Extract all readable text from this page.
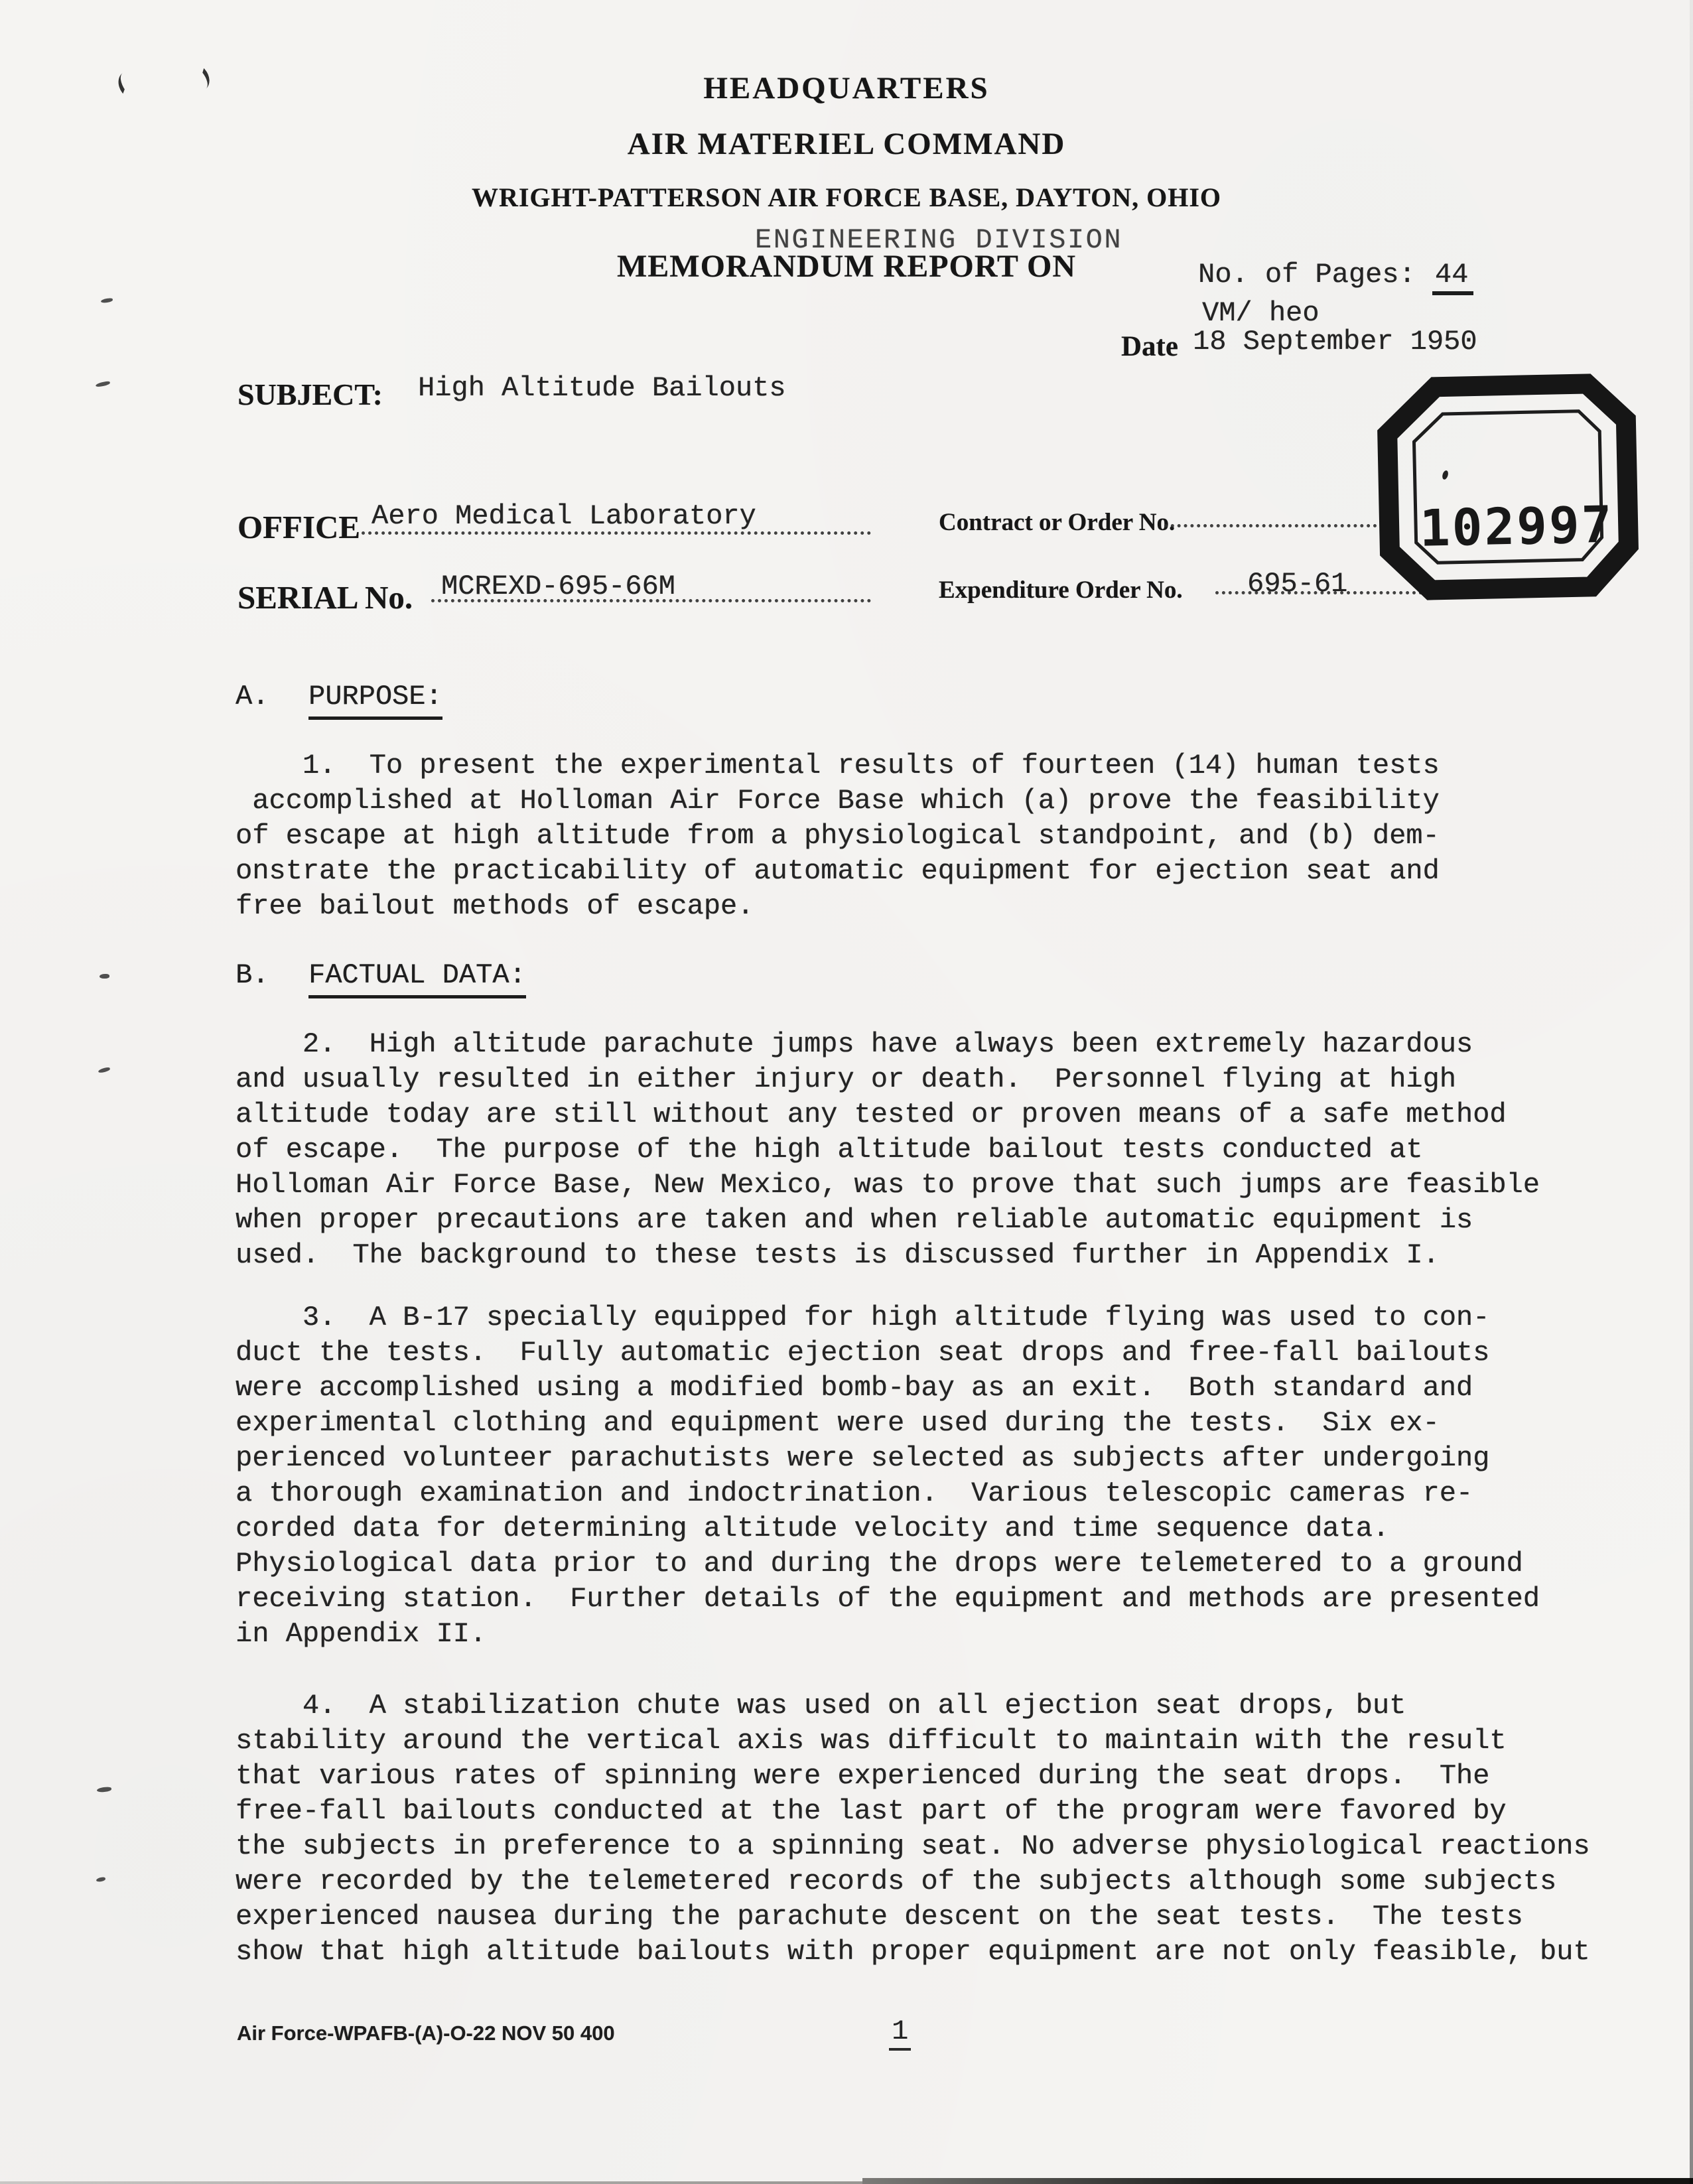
HEADQUARTERS
AIR MATERIEL COMMAND
WRIGHT-PATTERSON AIR FORCE BASE, DAYTON, OHIO
ENGINEERING DIVISION
MEMORANDUM REPORT ON	No. of Pages: 44
VM/ heo
Date 18 September 1950
SUBJECT: High Altitude Bailouts
OFFICE Aero Medical Laboratory	Contract or Order No.
SERIAL No. MCREXD-695-66M	Expenditure Order No. 695-61
102997
A. PURPOSE:
1.  To present the experimental results of fourteen (14) human tests
accomplished at Holloman Air Force Base which (a) prove the feasibility
of escape at high altitude from a physiological standpoint, and (b) dem-
onstrate the practicability of automatic equipment for ejection seat and
free bailout methods of escape.
B. FACTUAL DATA:
2.  High altitude parachute jumps have always been extremely hazardous
and usually resulted in either injury or death.  Personnel flying at high
altitude today are still without any tested or proven means of a safe method
of escape.  The purpose of the high altitude bailout tests conducted at
Holloman Air Force Base, New Mexico, was to prove that such jumps are feasible
when proper precautions are taken and when reliable automatic equipment is
used.  The background to these tests is discussed further in Appendix I.
3.  A B-17 specially equipped for high altitude flying was used to con-
duct the tests.  Fully automatic ejection seat drops and free-fall bailouts
were accomplished using a modified bomb-bay as an exit.  Both standard and
experimental clothing and equipment were used during the tests.  Six ex-
perienced volunteer parachutists were selected as subjects after undergoing
a thorough examination and indoctrination.  Various telescopic cameras re-
corded data for determining altitude velocity and time sequence data.
Physiological data prior to and during the drops were telemetered to a ground
receiving station.  Further details of the equipment and methods are presented
in Appendix II.
4.  A stabilization chute was used on all ejection seat drops, but
stability around the vertical axis was difficult to maintain with the result
that various rates of spinning were experienced during the seat drops.  The
free-fall bailouts conducted at the last part of the program were favored by
the subjects in preference to a spinning seat. No adverse physiological reactions
were recorded by the telemetered records of the subjects although some subjects
experienced nausea during the parachute descent on the seat tests.  The tests
show that high altitude bailouts with proper equipment are not only feasible, but
Air Force-WPAFB-(A)-O-22 NOV 50 400	1
